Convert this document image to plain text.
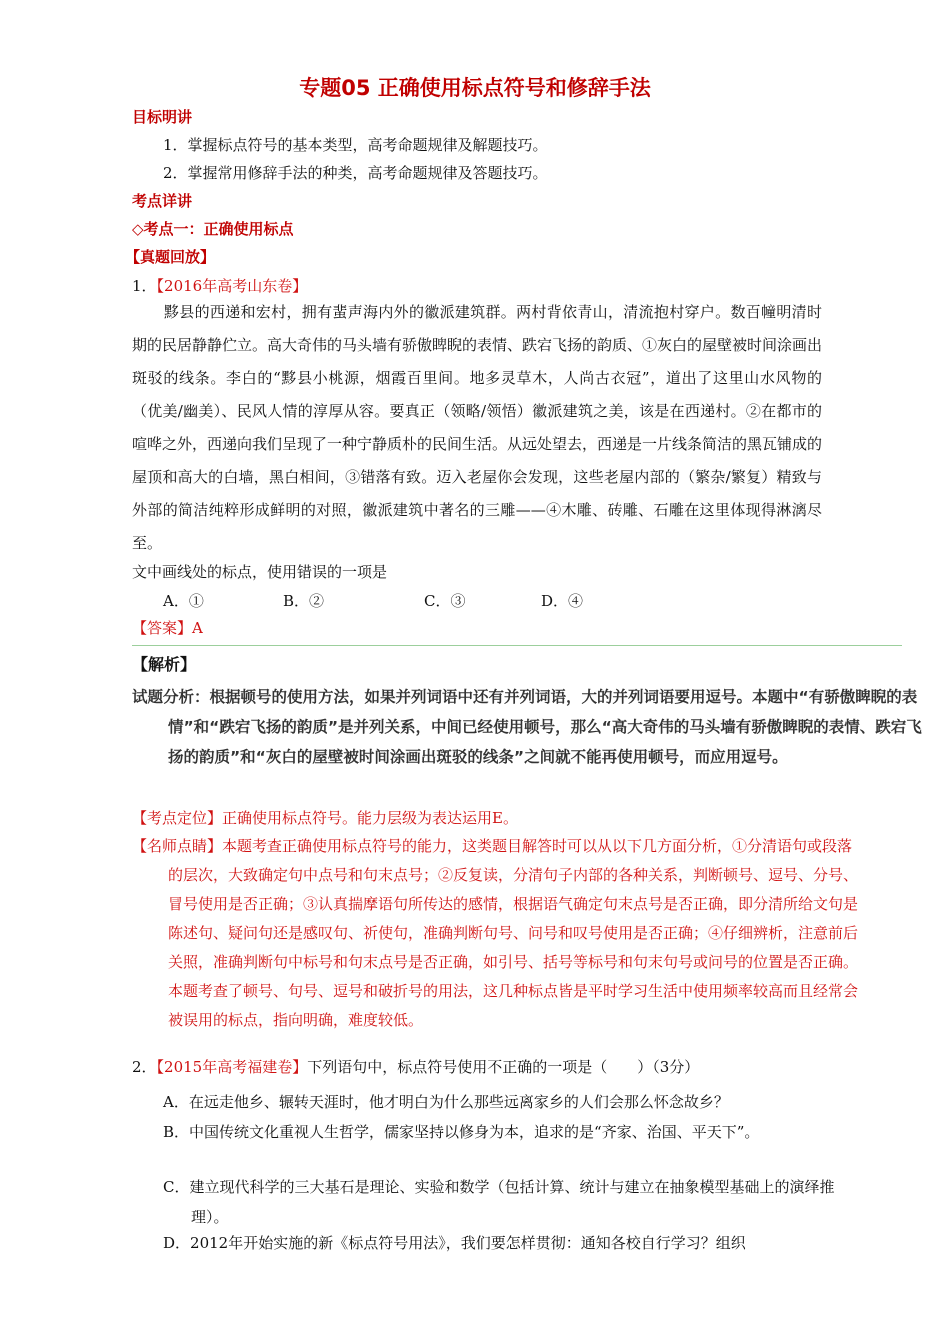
专题05 正确使用标点符号和修辞手法
目标明讲
1．掌握标点符号的基本类型，高考命题规律及解题技巧。
2．掌握常用修辞手法的种类，高考命题规律及答题技巧。
考点详讲
◇考点一：正确使用标点
【真题回放】
1．【2016年高考山东卷】
黟县的西递和宏村，拥有蜚声海内外的徽派建筑群。两村背依青山，清流抱村穿户。数百幢明清时期的民居静静伫立。高大奇伟的马头墙有骄傲睥睨的表情、跌宕飞扬的韵质、①灰白的屋壁被时间涂画出斑驳的线条。李白的“黟县小桃源，烟霞百里间。地多灵草木，人尚古衣冠”，道出了这里山水风物的（优美/幽美）、民风人情的淳厚从容。要真正（领略/领悟）徽派建筑之美，该是在西递村。②在都市的喧哗之外，西递向我们呈现了一种宁静质朴的民间生活。从远处望去，西递是一片线条简洁的黑瓦铺成的屋顶和高大的白墙，黑白相间，③错落有致。迈入老屋你会发现，这些老屋内部的（繁杂/繁复）精致与外部的简洁纯粹形成鲜明的对照，徽派建筑中著名的三雕——④木雕、砖雕、石雕在这里体现得淋漓尽至。
文中画线处的标点，使用错误的一项是
A．①	B．②	C．③	D．④
【答案】A
【解析】
试题分析：根据顿号的使用方法，如果并列词语中还有并列词语，大的并列词语要用逗号。本题中“有骄傲睥睨的表情”和“跌宕飞扬的韵质”是并列关系，中间已经使用顿号，那么“高大奇伟的马头墙有骄傲睥睨的表情、跌宕飞扬的韵质”和“灰白的屋壁被时间涂画出斑驳的线条”之间就不能再使用顿号，而应用逗号。
【考点定位】正确使用标点符号。能力层级为表达运用E。
【名师点睛】本题考查正确使用标点符号的能力，这类题目解答时可以从以下几方面分析，①分清语句或段落的层次，大致确定句中点号和句末点号；②反复读，分清句子内部的各种关系，判断顿号、逗号、分号、冒号使用是否正确；③认真揣摩语句所传达的感情，根据语气确定句末点号是否正确，即分清所给文句是陈述句、疑问句还是感叹句、祈使句，准确判断句号、问号和叹号使用是否正确；④仔细辨析，注意前后关照，准确判断句中标号和句末点号是否正确，如引号、括号等标号和句末句号或问号的位置是否正确。本题考查了顿号、句号、逗号和破折号的用法，这几种标点皆是平时学习生活中使用频率较高而且经常会被误用的标点，指向明确，难度较低。
2．【2015年高考福建卷】下列语句中，标点符号使用不正确的一项是（　　）（3分）
A．在远走他乡、辗转天涯时，他才明白为什么那些远离家乡的人们会那么怀念故乡？
B．中国传统文化重视人生哲学，儒家坚持以修身为本，追求的是“齐家、治国、平天下”。
C．建立现代科学的三大基石是理论、实验和数学（包括计算、统计与建立在抽象模型基础上的演绎推理）。
D．2012年开始实施的新《标点符号用法》，我们要怎样贯彻：通知各校自行学习？组织
